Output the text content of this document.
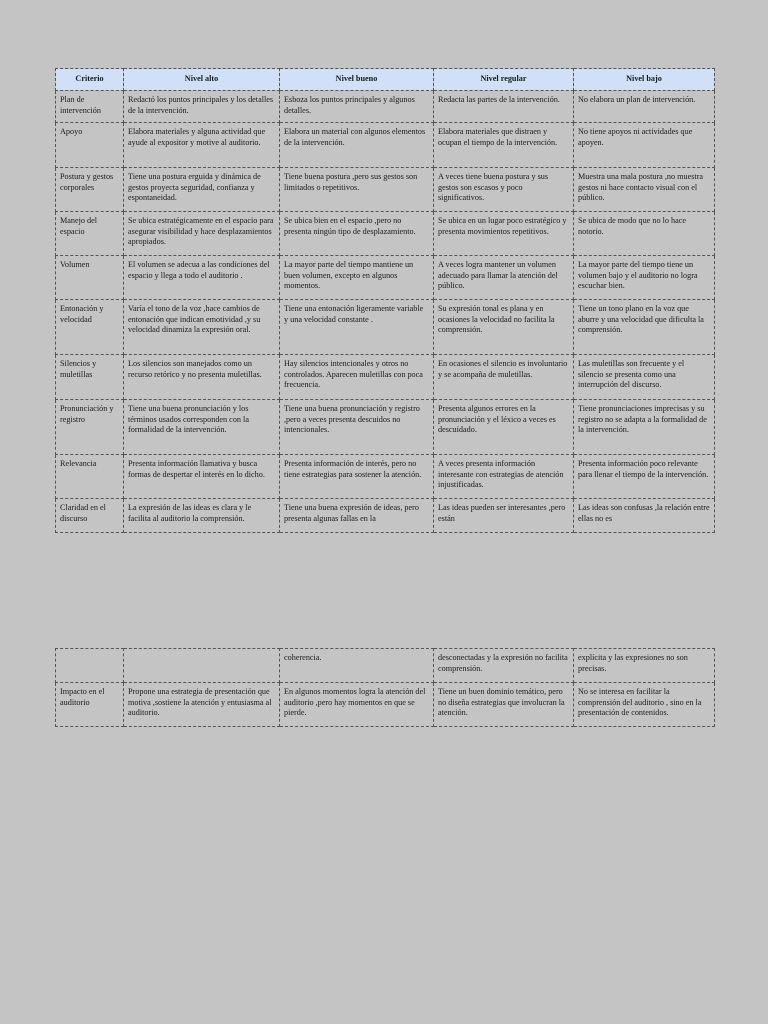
Criterio	Nivel alto	Nivel bueno	Nivel regular	Nivel bajo
Plan de intervención	Redactó los puntos principales y los detalles de la intervención.	Esboza los puntos principales y algunos detalles.	Redacta las partes de la intervención.	No elabora un plan de intervención.
Apoyo	Elabora materiales y alguna actividad que ayude al expositor y motive al auditorio.	Elabora un material con algunos elementos de la intervención.	Elabora materiales que distraen y ocupan el tiempo de la intervención.	No tiene apoyos ni actividades que apoyen.
Postura y gestos corporales	Tiene una postura erguida y dinámica de gestos proyecta seguridad, confianza y espontaneidad.	Tiene buena postura ,pero sus gestos son limitados o repetitivos.	A veces tiene buena postura y sus gestos son escasos y poco significativos.	Muestra una mala postura ,no muestra gestos ni hace contacto visual con el público.
Manejo del espacio	Se ubica estratégicamente en el espacio para asegurar visibilidad y hace desplazamientos apropiados.	Se ubica bien en el espacio ,pero no presenta ningún tipo de desplazamiento.	Se ubica en un lugar poco estratégico y presenta movimientos repetitivos.	Se ubica de modo que no lo hace notorio.
Volumen	El volumen se adecua a las condiciones del espacio y llega a todo el auditorio .	La mayor parte del tiempo mantiene un buen volumen, excepto en algunos momentos.	A veces logra mantener un volumen adecuado para llamar la atención del público.	La mayor parte del tiempo tiene un volumen bajo y el auditorio no logra escuchar bien.
Entonación y velocidad	Varía el tono de la voz ,hace cambios de entonación que indican emotividad ,y su velocidad dinamiza la expresión oral.	Tiene una entonación ligeramente variable y una velocidad constante .	Su expresión tonal es plana y en ocasiones la velocidad no facilita la comprensión.	Tiene un tono plano en la voz que aburre y una velocidad que dificulta la comprensión.
Silencios y muletillas	Los silencios son manejados como un recurso retórico y no presenta muletillas.	Hay silencios intencionales y otros no controlados. Aparecen muletillas con poca frecuencia.	En ocasiones el silencio es involuntario y se acompaña de muletillas.	Las muletillas son frecuente y el silencio se presenta como una interrupción del discurso.
Pronunciación y registro	Tiene una buena pronunciación y los términos usados corresponden con la formalidad de la intervención.	Tiene una buena pronunciación y registro ,pero a veces presenta descuidos no intencionales.	Presenta algunos errores en la pronunciación y el léxico a veces es descuidado.	Tiene pronunciaciones imprecisas y su registro no se adapta a la formalidad de la intervención.
Relevancia	Presenta información llamativa y busca formas de despertar el interés en lo dicho.	Presenta información de interés, pero no tiene estrategias para sostener la atención.	A veces presenta información interesante con estrategias de atención injustificadas.	Presenta información poco relevante para llenar el tiempo de la intervención.
Claridad en el discurso	La expresión de las ideas es clara y le facilita al auditorio la comprensión.	Tiene una buena expresión de ideas, pero presenta algunas fallas en la	Las ideas pueden ser interesantes ,pero están	Las ideas son confusas ,la relación entre ellas no es
		coherencia.	desconectadas y la expresión no facilita comprensión.	explícita y las expresiones no son precisas.
Impacto en el auditorio	Propone una estrategia de presentación que motiva ,sostiene la atención y entusiasma al auditorio.	En algunos momentos logra la atención del auditorio ,pero hay momentos en que se pierde.	Tiene un buen dominio temático, pero no diseña estrategias que involucran la atención.	No se interesa en facilitar la comprensión del auditorio , sino en la presentación de contenidos.
